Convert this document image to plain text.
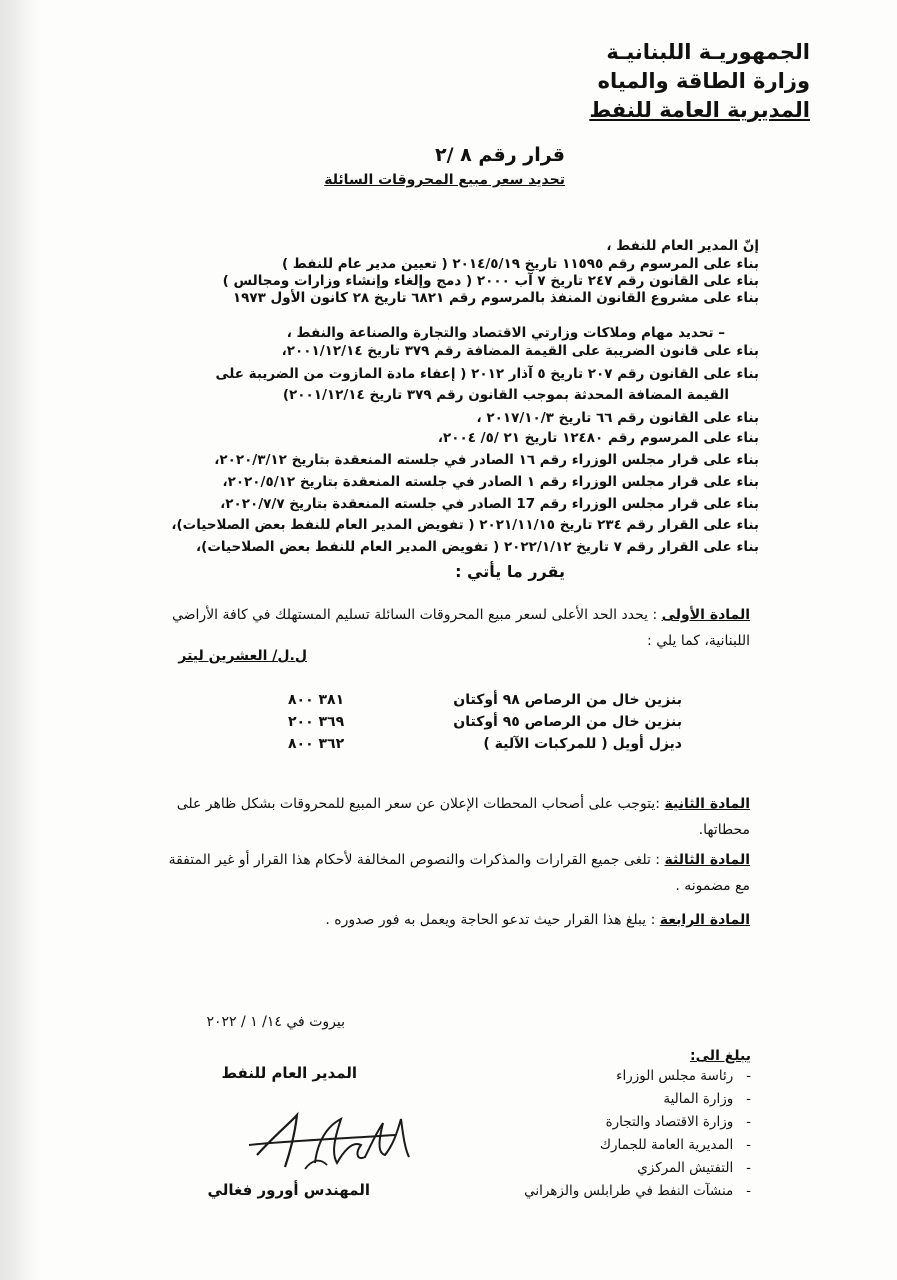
الجمهوريـة اللبنانيـة
وزارة الطاقة والمياه
المديرية العامة للنفط
قرار رقم ٨ /٢
تحديد سعر مبيع المحروقات السائلة
إنّ المدير العام للنفط ،
بناء على المرسوم رقم ١١٥٩٥ تاريخ ٢٠١٤/٥/١٩ ( تعيين مدير عام للنفط )
بناء على القانون رقم ٢٤٧ تاريخ ٧ آب ٢٠٠٠ ( دمج وإلغاء وإنشاء وزارات ومجالس )
بناء على مشروع القانون المنفذ بالمرسوم رقم ٦٨٢١ تاريخ ٢٨ كانون الأول ١٩٧٣
– تحديد مهام وملاكات وزارتي الاقتصاد والتجارة والصناعة والنفط ،
بناء على قانون الضريبة على القيمة المضافة رقم ٣٧٩ تاريخ ٢٠٠١/١٢/١٤،
بناء على القانون رقم ٢٠٧ تاريخ ٥ آذار ٢٠١٢ ( إعفاء مادة المازوت من الضريبة على
القيمة المضافة المحدثة بموجب القانون رقم ٣٧٩ تاريخ ٢٠٠١/١٢/١٤)
بناء على القانون رقم ٦٦ تاريخ ٢٠١٧/١٠/٣ ،
بناء على المرسوم رقم ١٢٤٨٠ تاريخ ٢١ /٥/ ٢٠٠٤،
بناء على قرار مجلس الوزراء رقم ١٦ الصادر في جلسته المنعقدة بتاريخ ٢٠٢٠/٣/١٢،
بناء على قرار مجلس الوزراء رقم ١ الصادر في جلسته المنعقدة بتاريخ ٢٠٢٠/٥/١٢،
بناء على قرار مجلس الوزراء رقم 17 الصادر في جلسته المنعقدة بتاريخ ٢٠٢٠/٧/٧،
بناء على القرار رقم ٢٣٤ تاريخ ٢٠٢١/١١/١٥ ( تفويض المدير العام للنفط بعض الصلاحيات)،
بناء على القرار رقم ٧ تاريخ ٢٠٢٢/١/١٢ ( تفويض المدير العام للنفط بعض الصلاحيات)،
يقرر ما يأتي :
المادة الأولى : يحدد الحد الأعلى لسعر مبيع المحروقات السائلة تسليم المستهلك في كافة الأراضي اللبنانية، كما يلي :
ل.ل/ العشرين ليتر
بنزين خال من الرصاص ٩٨ أوكتان
٣٨١ ٨٠٠
بنزين خال من الرصاص ٩٥ أوكتان
٣٦٩ ٢٠٠
ديزل أويل ( للمركبات الآلية )
٣٦٢ ٨٠٠
المادة الثانية :يتوجب على أصحاب المحطات الإعلان عن سعر المبيع للمحروقات بشكل ظاهر على محطاتها.
المادة الثالثة : تلغى جميع القرارات والمذكرات والنصوص المخالفة لأحكام هذا القرار أو غير المتفقة مع مضمونه .
المادة الرابعة : يبلغ هذا القرار حيث تدعو الحاجة ويعمل به فور صدوره .
بيروت في ١٤/ ١ / ٢٠٢٢
يبلغ الى:
-   رئاسة مجلس الوزراء
-   وزارة المالية
-   وزارة الاقتصاد والتجارة
-   المديرية العامة للجمارك
-   التفتيش المركزي
-   منشآت النفط في طرابلس والزهراني
المدير العام للنفط
المهندس أورور فغالي
